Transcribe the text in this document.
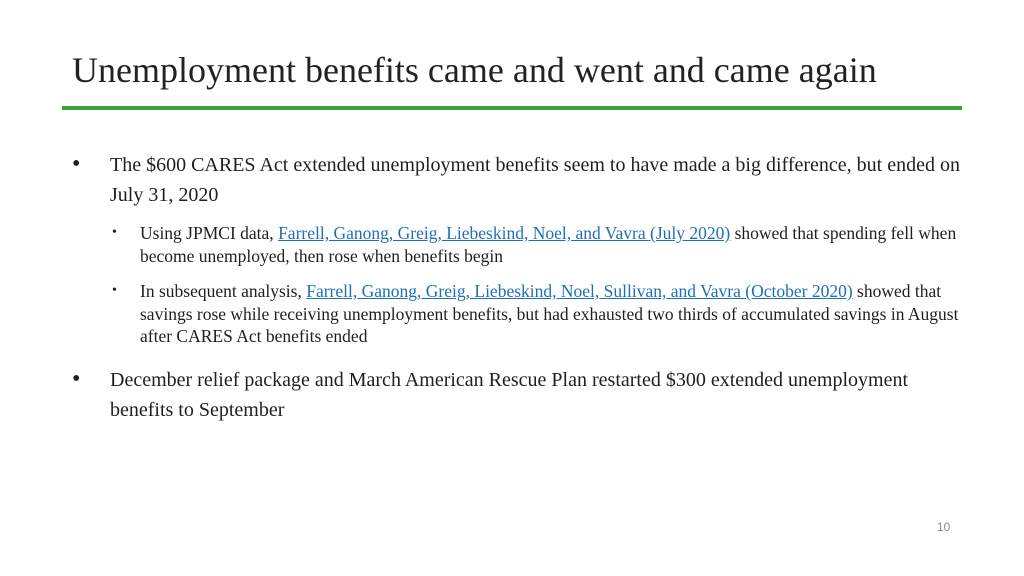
Unemployment benefits came and went and came again
• The $600 CARES Act extended unemployment benefits seem to have made a big difference, but ended on July 31, 2020
• Using JPMCI data, Farrell, Ganong, Greig, Liebeskind, Noel, and Vavra (July 2020) showed that spending fell when become unemployed, then rose when benefits begin
• In subsequent analysis, Farrell, Ganong, Greig, Liebeskind, Noel, Sullivan, and Vavra (October 2020) showed that savings rose while receiving unemployment benefits, but had exhausted two thirds of accumulated savings in August after CARES Act benefits ended
• December relief package and March American Rescue Plan restarted $300 extended unemployment benefits to September
10
